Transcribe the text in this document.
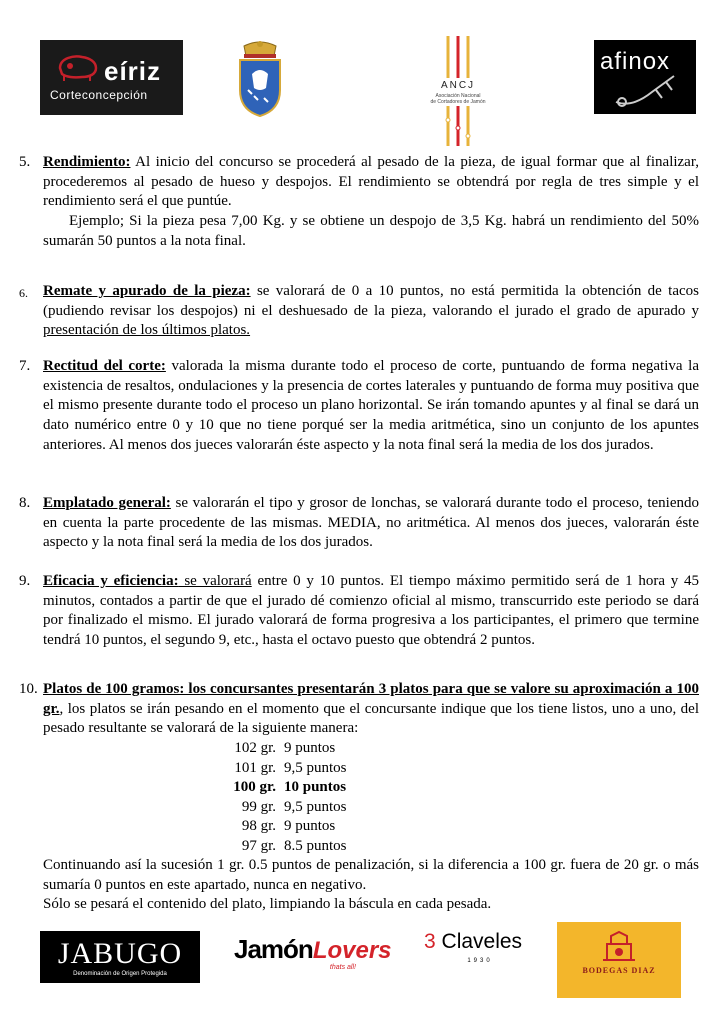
eíriz
Corteconcepción
ANCJ
Asociación Nacional
de Cortadores de Jamón
afinox
5. Rendimiento: Al inicio del concurso se procederá al pesado de la pieza, de igual formar que al finalizar, procederemos al pesado de hueso y despojos. El rendimiento se obtendrá por regla de tres simple y el rendimiento será el que puntúe.
Ejemplo; Si la pieza pesa 7,00 Kg. y se obtiene un despojo de 3,5 Kg. habrá un rendimiento del 50% sumarán 50 puntos a la nota final.
6. Remate y apurado de la pieza: se valorará de 0 a 10 puntos, no está permitida la obtención de tacos (pudiendo revisar los despojos) ni el deshuesado de la pieza, valorando el jurado el grado de apurado y presentación de los últimos platos.
7. Rectitud del corte: valorada la misma durante todo el proceso de corte, puntuando de forma negativa la existencia de resaltos, ondulaciones y la presencia de cortes laterales y puntuando de forma muy positiva que el mismo presente durante todo el proceso un plano horizontal. Se irán tomando apuntes y al final se dará un dato numérico entre 0 y 10 que no tiene porqué ser la media aritmética, sino un conjunto de los apuntes anteriores. Al menos dos jueces valorarán éste aspecto y la nota final será la media de los dos jurados.
8. Emplatado general: se valorarán el tipo y grosor de lonchas, se valorará durante todo el proceso, teniendo en cuenta la parte procedente de las mismas. MEDIA, no aritmética. Al menos dos jueces, valorarán éste aspecto y la nota final será la media de los dos jurados.
9. Eficacia y eficiencia: se valorará entre 0 y 10 puntos. El tiempo máximo permitido será de 1 hora y 45 minutos, contados a partir de que el jurado dé comienzo oficial al mismo, transcurrido este periodo se dará por finalizado el mismo. El jurado valorará de forma progresiva a los participantes, el primero que termine tendrá 10 puntos, el segundo 9, etc., hasta el octavo puesto que obtendrá 2 puntos.
10. Platos de 100 gramos: los concursantes presentarán 3 platos para que se valore su aproximación a 100 gr., los platos se irán pesando en el momento que el concursante indique que los tiene listos, uno a uno, del pesado resultante se valorará de la siguiente manera:
102 gr. 9 puntos
101 gr. 9,5 puntos
100 gr. 10 puntos
99 gr. 9,5 puntos
98 gr. 9 puntos
97 gr. 8.5 puntos
Continuando así la sucesión 1 gr. 0.5 puntos de penalización, si la diferencia a 100 gr. fuera de 20 gr. o más sumaría 0 puntos en este apartado, nunca en negativo.
Sólo se pesará el contenido del plato, limpiando la báscula en cada pesada.
JABUGO
Denominación de Origen Protegida
JamónLovers
thats all!
3 Claveles
1930
BODEGAS DIAZ
